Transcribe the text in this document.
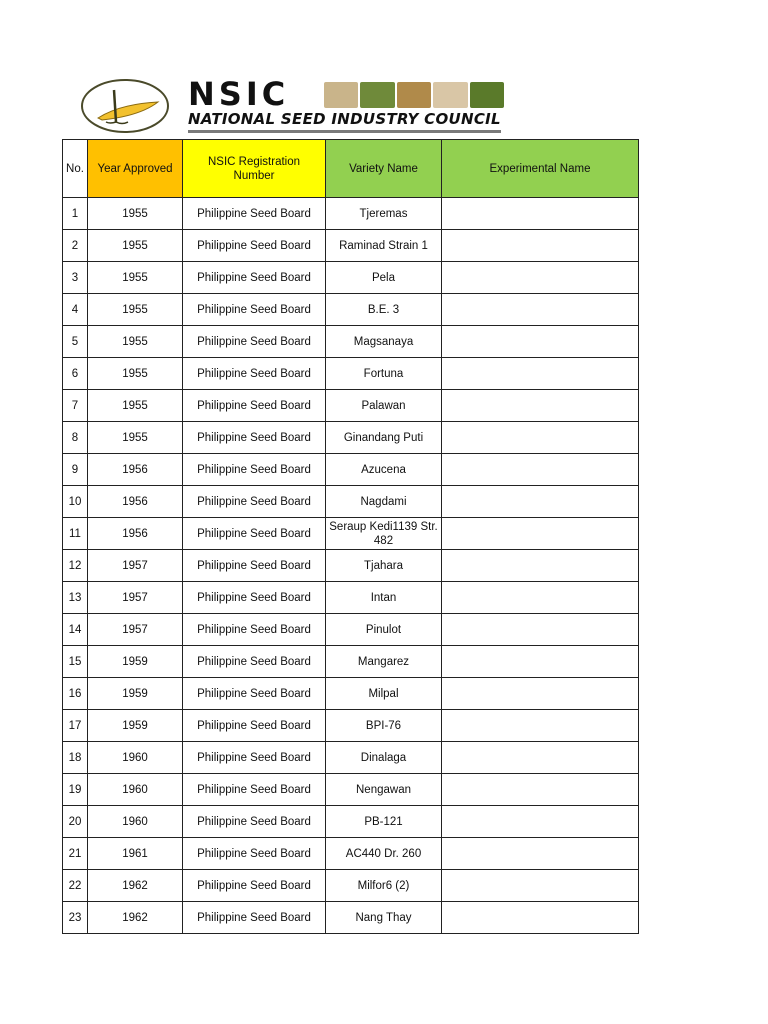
NSIC
NATIONAL SEED INDUSTRY COUNCIL
No.	Year Approved	NSIC Registration Number	Variety Name	Experimental Name
1	1955	Philippine Seed Board	Tjeremas	
2	1955	Philippine Seed Board	Raminad Strain 1	
3	1955	Philippine Seed Board	Pela	
4	1955	Philippine Seed Board	B.E. 3	
5	1955	Philippine Seed Board	Magsanaya	
6	1955	Philippine Seed Board	Fortuna	
7	1955	Philippine Seed Board	Palawan	
8	1955	Philippine Seed Board	Ginandang Puti	
9	1956	Philippine Seed Board	Azucena	
10	1956	Philippine Seed Board	Nagdami	
11	1956	Philippine Seed Board	Seraup Kedi1139 Str. 482	
12	1957	Philippine Seed Board	Tjahara	
13	1957	Philippine Seed Board	Intan	
14	1957	Philippine Seed Board	Pinulot	
15	1959	Philippine Seed Board	Mangarez	
16	1959	Philippine Seed Board	Milpal	
17	1959	Philippine Seed Board	BPI-76	
18	1960	Philippine Seed Board	Dinalaga	
19	1960	Philippine Seed Board	Nengawan	
20	1960	Philippine Seed Board	PB-121	
21	1961	Philippine Seed Board	AC440 Dr. 260	
22	1962	Philippine Seed Board	Milfor6 (2)	
23	1962	Philippine Seed Board	Nang Thay	
